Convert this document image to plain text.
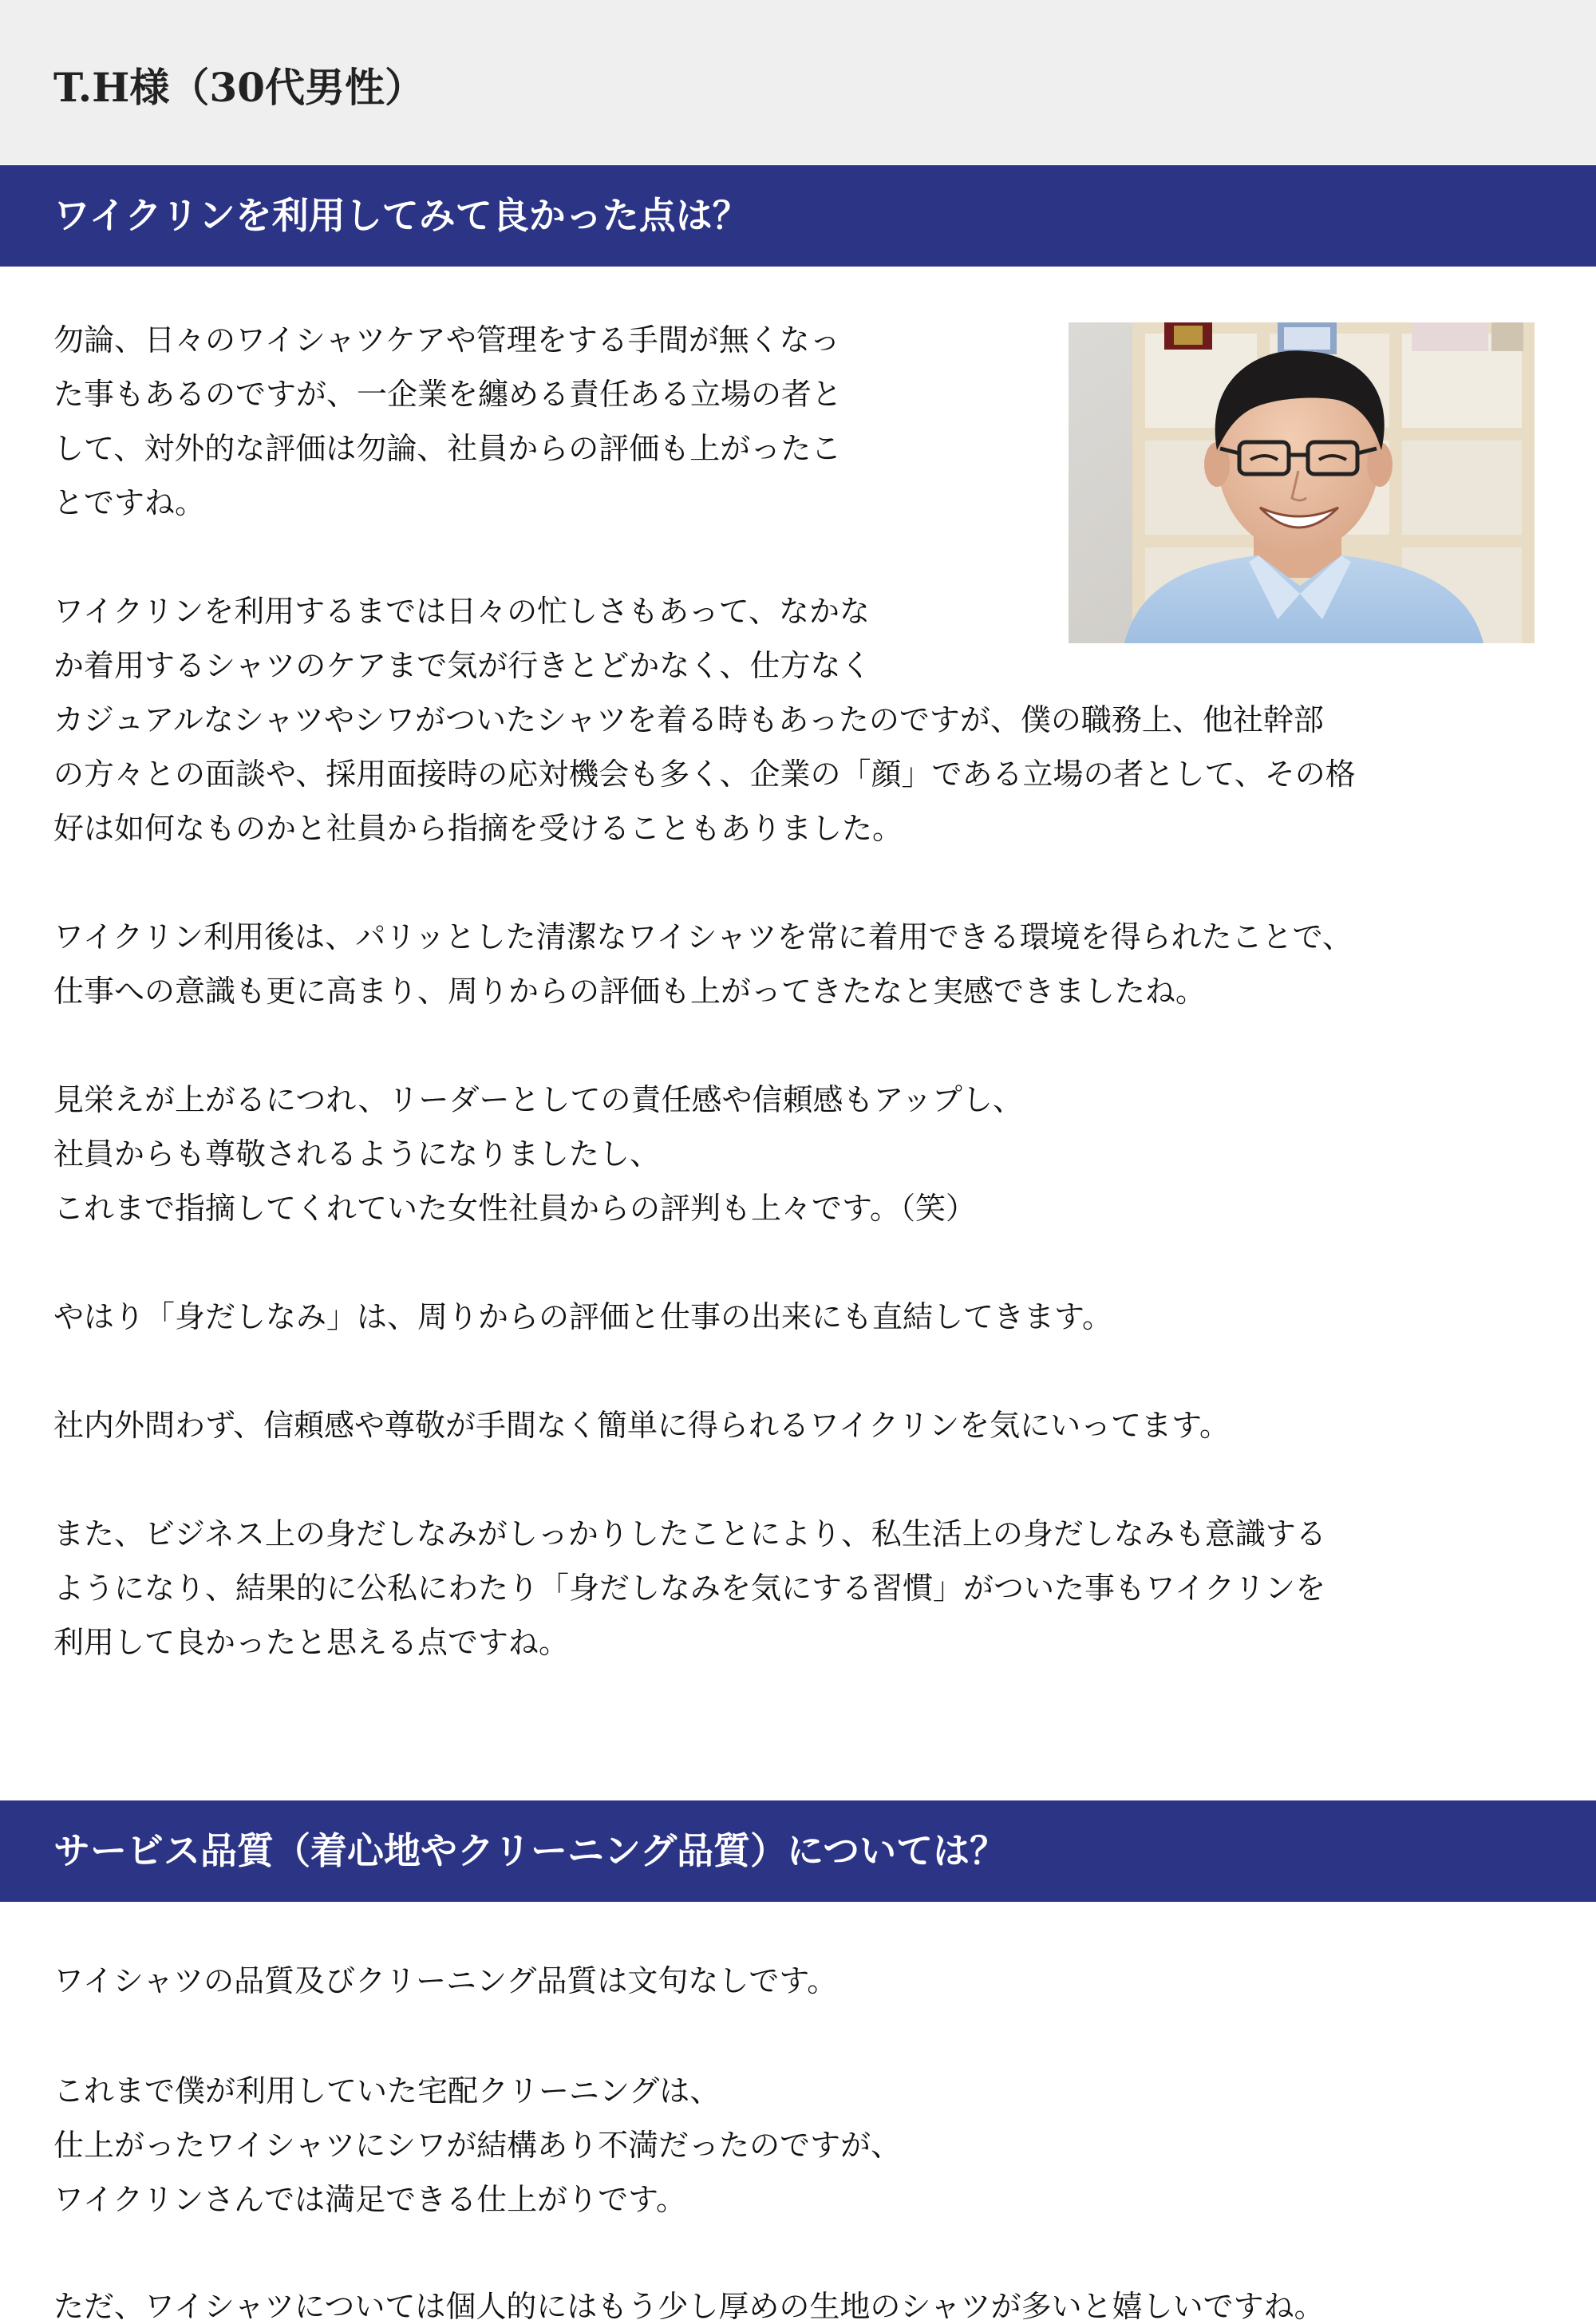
T.H様（30代男性）
ワイクリンを利用してみて良かった点は？
勿論、日々のワイシャツケアや管理をする手間が無くなっ
た事もあるのですが、一企業を纏める責任ある立場の者と
して、対外的な評価は勿論、社員からの評価も上がったこ
とですね。
ワイクリンを利用するまでは日々の忙しさもあって、なかな
か着用するシャツのケアまで気が行きとどかなく、仕方なく
カジュアルなシャツやシワがついたシャツを着る時もあったのですが、僕の職務上、他社幹部
の方々との面談や、採用面接時の応対機会も多く、企業の「顔」である立場の者として、その格
好は如何なものかと社員から指摘を受けることもありました。
ワイクリン利用後は、パリッとした清潔なワイシャツを常に着用できる環境を得られたことで、
仕事への意識も更に高まり、周りからの評価も上がってきたなと実感できましたね。
見栄えが上がるにつれ、リーダーとしての責任感や信頼感もアップし、
社員からも尊敬されるようになりましたし、
これまで指摘してくれていた女性社員からの評判も上々です。（笑）
やはり「身だしなみ」は、周りからの評価と仕事の出来にも直結してきます。
社内外問わず、信頼感や尊敬が手間なく簡単に得られるワイクリンを気にいってます。
また、ビジネス上の身だしなみがしっかりしたことにより、私生活上の身だしなみも意識する
ようになり、結果的に公私にわたり「身だしなみを気にする習慣」がついた事もワイクリンを
利用して良かったと思える点ですね。
サービス品質（着心地やクリーニング品質）については？
ワイシャツの品質及びクリーニング品質は文句なしです。
これまで僕が利用していた宅配クリーニングは、
仕上がったワイシャツにシワが結構あり不満だったのですが、
ワイクリンさんでは満足できる仕上がりです。
ただ、ワイシャツについては個人的にはもう少し厚めの生地のシャツが多いと嬉しいですね。
